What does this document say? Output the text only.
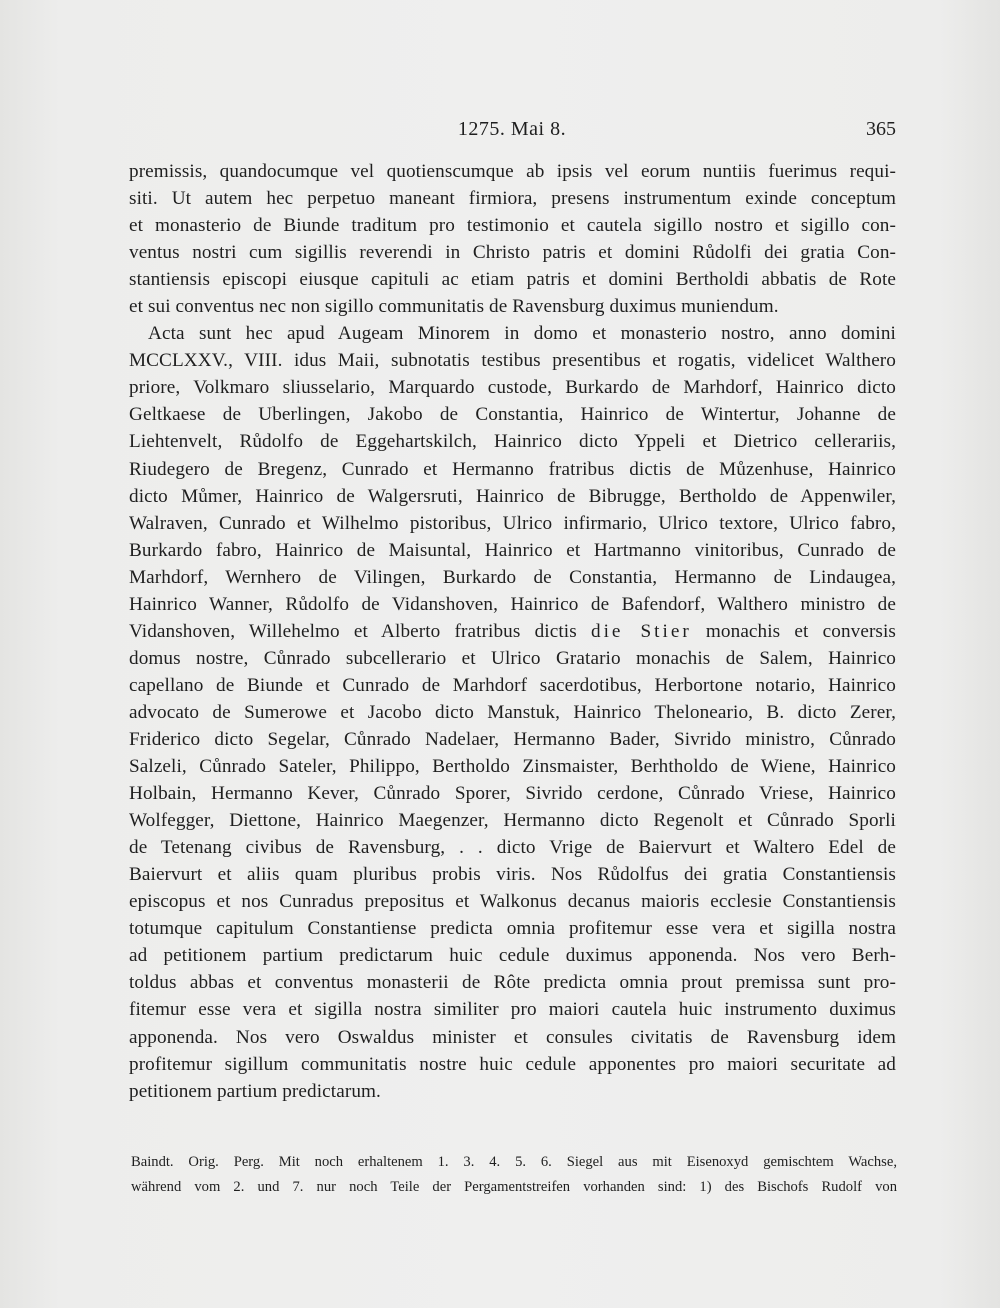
1275. Mai 8.	365
premissis, quandocumque vel quotienscumque ab ipsis vel eorum nuntiis fuerimus requi-
siti. Ut autem hec perpetuo maneant firmiora, presens instrumentum exinde conceptum
et monasterio de Biunde traditum pro testimonio et cautela sigillo nostro et sigillo con-
ventus nostri cum sigillis reverendi in Christo patris et domini Růdolfi dei gratia Con-
stantiensis episcopi eiusque capituli ac etiam patris et domini Bertholdi abbatis de Rote
et sui conventus nec non sigillo communitatis de Ravensburg duximus muniendum.
Acta sunt hec apud Augeam Minorem in domo et monasterio nostro, anno domini
MCCLXXV., VIII. idus Maii, subnotatis testibus presentibus et rogatis, videlicet Walthero
priore, Volkmaro sliusselario, Marquardo custode, Burkardo de Marhdorf, Hainrico dicto
Geltkaese de Uberlingen, Jakobo de Constantia, Hainrico de Wintertur, Johanne de
Liehtenvelt, Růdolfo de Eggehartskilch, Hainrico dicto Yppeli et Dietrico cellerariis,
Riudegero de Bregenz, Cunrado et Hermanno fratribus dictis de Můzenhuse, Hainrico
dicto Můmer, Hainrico de Walgersruti, Hainrico de Bibrugge, Bertholdo de Appenwiler,
Walraven, Cunrado et Wilhelmo pistoribus, Ulrico infirmario, Ulrico textore, Ulrico fabro,
Burkardo fabro, Hainrico de Maisuntal, Hainrico et Hartmanno vinitoribus, Cunrado de
Marhdorf, Wernhero de Vilingen, Burkardo de Constantia, Hermanno de Lindaugea,
Hainrico Wanner, Růdolfo de Vidanshoven, Hainrico de Bafendorf, Walthero ministro de
Vidanshoven, Willehelmo et Alberto fratribus dictis die Stier monachis et conversis
domus nostre, Cůnrado subcellerario et Ulrico Gratario monachis de Salem, Hainrico
capellano de Biunde et Cunrado de Marhdorf sacerdotibus, Herbortone notario, Hainrico
advocato de Sumerowe et Jacobo dicto Manstuk, Hainrico Theloneario, B. dicto Zerer,
Friderico dicto Segelar, Cůnrado Nadelaer, Hermanno Bader, Sivrido ministro, Cůnrado
Salzeli, Cůnrado Sateler, Philippo, Bertholdo Zinsmaister, Berhtholdo de Wiene, Hainrico
Holbain, Hermanno Kever, Cůnrado Sporer, Sivrido cerdone, Cůnrado Vriese, Hainrico
Wolfegger, Diettone, Hainrico Maegenzer, Hermanno dicto Regenolt et Cůnrado Sporli
de Tetenang civibus de Ravensburg, . . dicto Vrige de Baiervurt et Waltero Edel de
Baiervurt et aliis quam pluribus probis viris. Nos Růdolfus dei gratia Constantiensis
episcopus et nos Cunradus prepositus et Walkonus decanus maioris ecclesie Constantiensis
totumque capitulum Constantiense predicta omnia profitemur esse vera et sigilla nostra
ad petitionem partium predictarum huic cedule duximus apponenda. Nos vero Berh-
toldus abbas et conventus monasterii de Rôte predicta omnia prout premissa sunt pro-
fitemur esse vera et sigilla nostra similiter pro maiori cautela huic instrumento duximus
apponenda. Nos vero Oswaldus minister et consules civitatis de Ravensburg idem
profitemur sigillum communitatis nostre huic cedule apponentes pro maiori securitate ad
petitionem partium predictarum.
Baindt. Orig. Perg. Mit noch erhaltenem 1. 3. 4. 5. 6. Siegel aus mit Eisenoxyd gemischtem Wachse,
während vom 2. und 7. nur noch Teile der Pergamentstreifen vorhanden sind: 1) des Bischofs Rudolf von
